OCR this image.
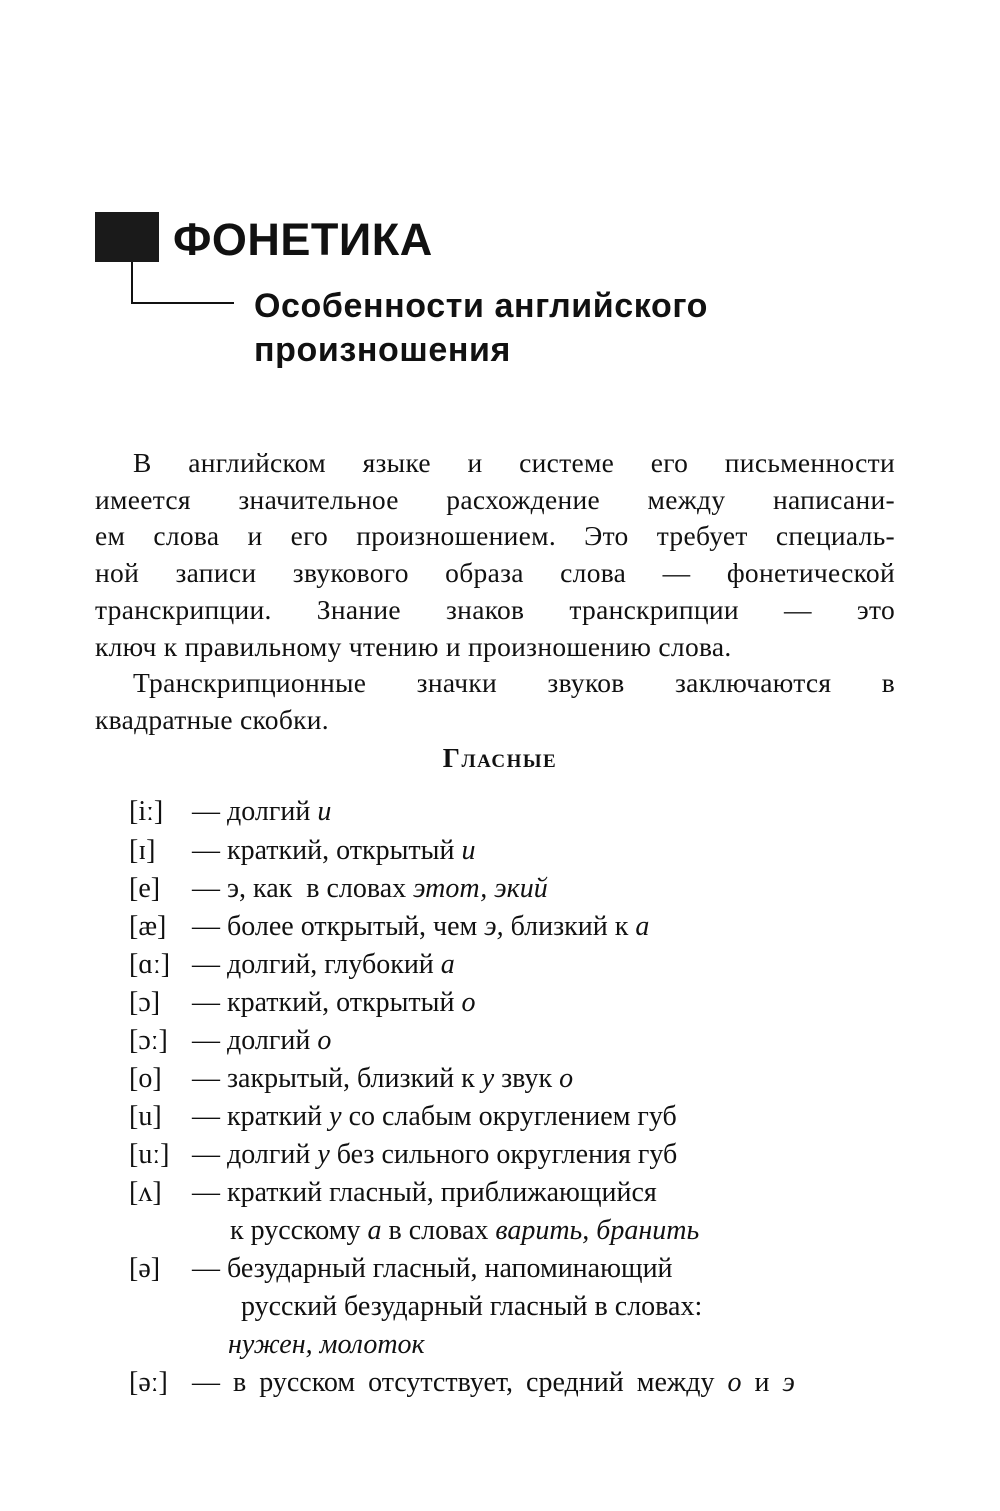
ФОНЕТИКА
Особенности английского
произношения
В английском языке и системе его письменности
имеется значительное расхождение между написани-
ем слова и его произношением. Это требует специаль-
ной записи звукового образа слова — фонетической
транскрипции. Знание знаков транскрипции — это
ключ к правильному чтению и произношению слова.
Транскрипционные значки звуков заключаются в
квадратные скобки.
Гласные
[iː] — долгий и
[ɪ] — краткий, открытый и
[e] — э, как  в словах этот, экий
[æ] — более открытый, чем э, близкий к а
[ɑː] — долгий, глубокий а
[ɔ] — краткий, открытый о
[ɔː] — долгий о
[o] — закрытый, близкий к у звук о
[u] — краткий у со слабым округлением губ
[uː] — долгий у без сильного округления губ
[ʌ] — краткий гласный, приближающийся
к русскому а в словах варить, бранить
[ə] — безударный гласный, напоминающий
русский безударный гласный в словах:
нужен, молоток
[əː] — в русском отсутствует, средний между о и э
